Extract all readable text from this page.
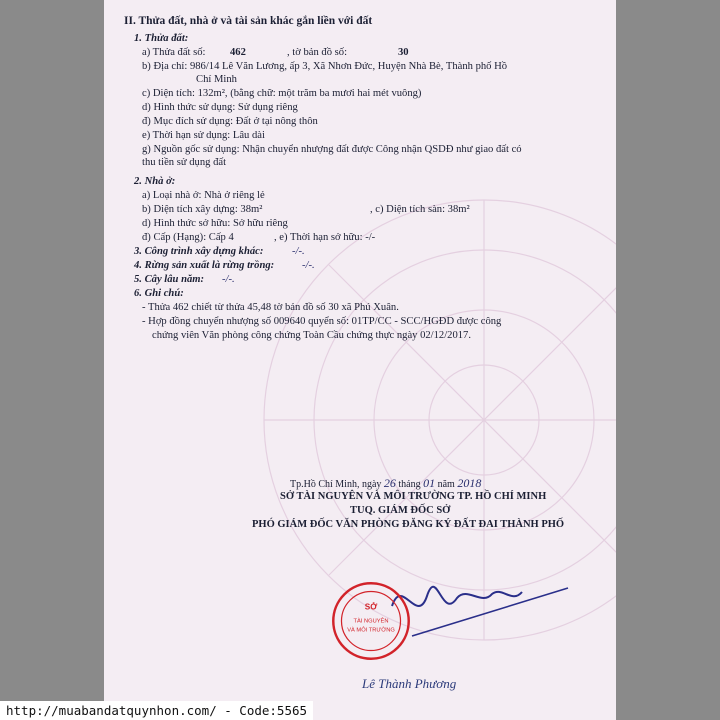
II. Thửa đất, nhà ở và tài sản khác gắn liền với đất
1. Thửa đất:
a) Thửa đất số: 462	, tờ bản đồ số:	30
b) Địa chỉ: 986/14 Lê Văn Lương, ấp 3, Xã Nhơn Đức, Huyện Nhà Bè, Thành phố Hồ
Chí Minh
c) Diện tích: 132m², (bằng chữ: một trăm ba mươi hai mét vuông)
d) Hình thức sử dụng: Sử dụng riêng
đ) Mục đích sử dụng: Đất ở tại nông thôn
e) Thời hạn sử dụng: Lâu dài
g) Nguồn gốc sử dụng: Nhận chuyển nhượng đất được Công nhận QSDĐ như giao đất có
thu tiền sử dụng đất
2. Nhà ở:
a) Loại nhà ở: Nhà ở riêng lẻ
b) Diện tích xây dựng: 38m²	, c) Diện tích sàn: 38m²
d) Hình thức sở hữu: Sở hữu riêng
đ) Cấp (Hạng): Cấp 4	, e) Thời hạn sở hữu: -/-
3. Công trình xây dựng khác:	-/-.
4. Rừng sản xuất là rừng trồng:	-/-.
5. Cây lâu năm: -/-.
6. Ghi chú:
- Thửa 462 chiết từ thửa 45,48 tờ bản đồ số 30 xã Phú Xuân.
- Hợp đồng chuyển nhượng số 009640 quyển số: 01TP/CC - SCC/HGĐD được công
chứng viên Văn phòng công chứng Toàn Cầu chứng thực ngày 02/12/2017.
Tp.Hồ Chí Minh, ngày 26 tháng 01 năm 2018
SỞ TÀI NGUYÊN VÀ MÔI TRƯỜNG TP. HỒ CHÍ MINH
TUQ. GIÁM ĐỐC SỞ
PHÓ GIÁM ĐỐC VĂN PHÒNG ĐĂNG KÝ ĐẤT ĐAI THÀNH PHỐ
SỞ
TÀI NGUYÊN
VÀ MÔI TRƯỜNG
Lê Thành Phương
http://muabandatquynhon.com/ - Code:5565
